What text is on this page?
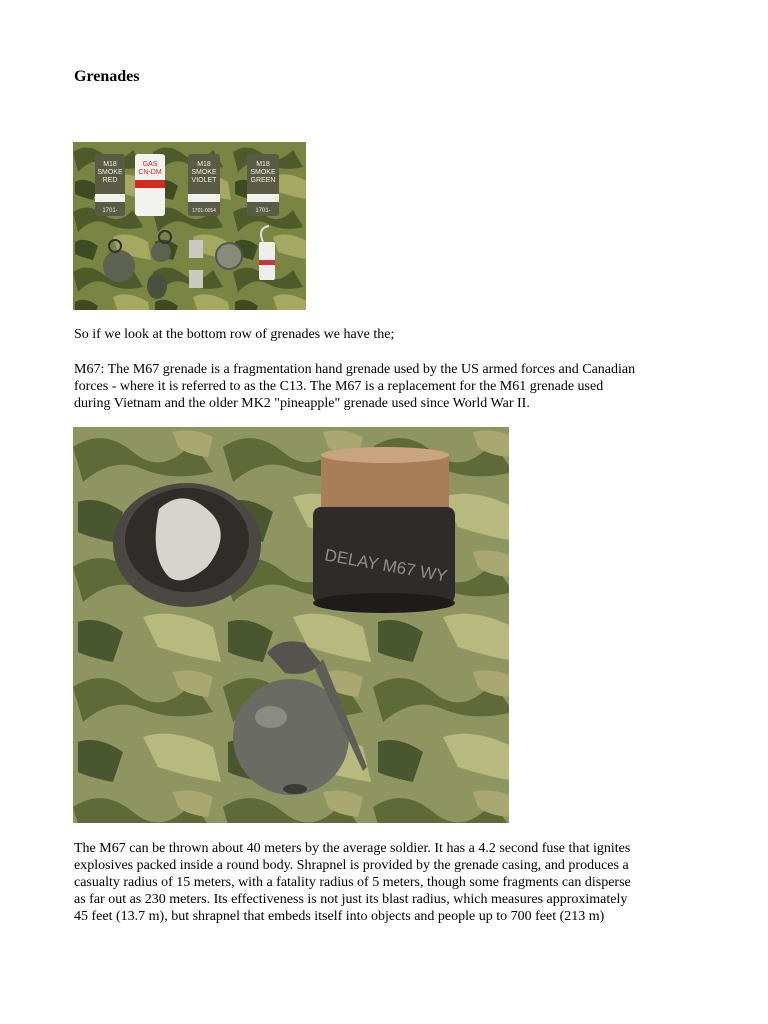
Grenades
M18
SMOKE
RED
1701-
GAS
CN-DM
M18
SMOKE
VIOLET
1701-0054
M18
SMOKE
GREEN
1701-

So if we look at the bottom row of grenades we have the;

M67: The M67 grenade is a fragmentation hand grenade used by the US armed forces and Canadian
forces - where it is referred to as the C13. The M67 is a replacement for the M61 grenade used
during Vietnam and the older MK2 "pineapple" grenade used since World War II.

DELAY M67 WY

The M67 can be thrown about 40 meters by the average soldier. It has a 4.2 second fuse that ignites
explosives packed inside a round body. Shrapnel is provided by the grenade casing, and produces a
casualty radius of 15 meters, with a fatality radius of 5 meters, though some fragments can disperse
as far out as 230 meters. Its effectiveness is not just its blast radius, which measures approximately
45 feet (13.7 m), but shrapnel that embeds itself into objects and people up to 700 feet (213 m)
